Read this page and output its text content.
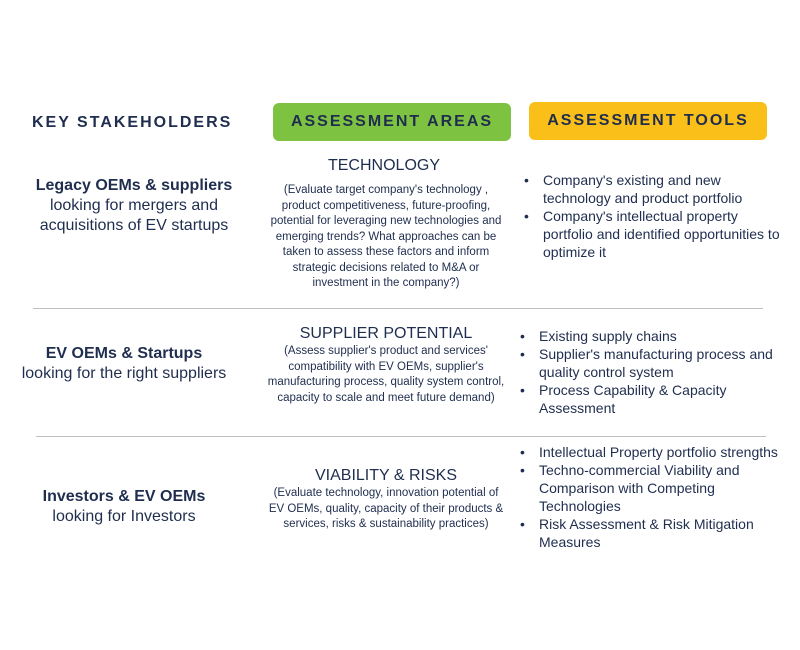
KEY STAKEHOLDERS	ASSESSMENT AREAS	ASSESSMENT TOOLS
Legacy OEMs & suppliers looking for mergers and acquisitions of EV startups
TECHNOLOGY
(Evaluate target company's technology , product competitiveness, future-proofing, potential for leveraging new technologies and emerging trends? What approaches can be taken to assess these factors and inform strategic decisions related to M&A or investment in the company?)
• Company's existing and new technology and product portfolio
• Company's intellectual property portfolio and identified opportunities to optimize it
EV OEMs & Startups
looking for the right suppliers
SUPPLIER POTENTIAL
(Assess supplier's product and services' compatibility with EV OEMs, supplier's manufacturing process, quality system control, capacity to scale and meet future demand)
• Existing supply chains
• Supplier's manufacturing process and quality control system
• Process Capability & Capacity Assessment
Investors & EV OEMs
looking for Investors
VIABILITY & RISKS
(Evaluate technology, innovation potential of EV OEMs, quality, capacity of their products & services, risks & sustainability practices)
• Intellectual Property portfolio strengths
• Techno-commercial Viability and Comparison with Competing Technologies
• Risk Assessment & Risk Mitigation Measures
